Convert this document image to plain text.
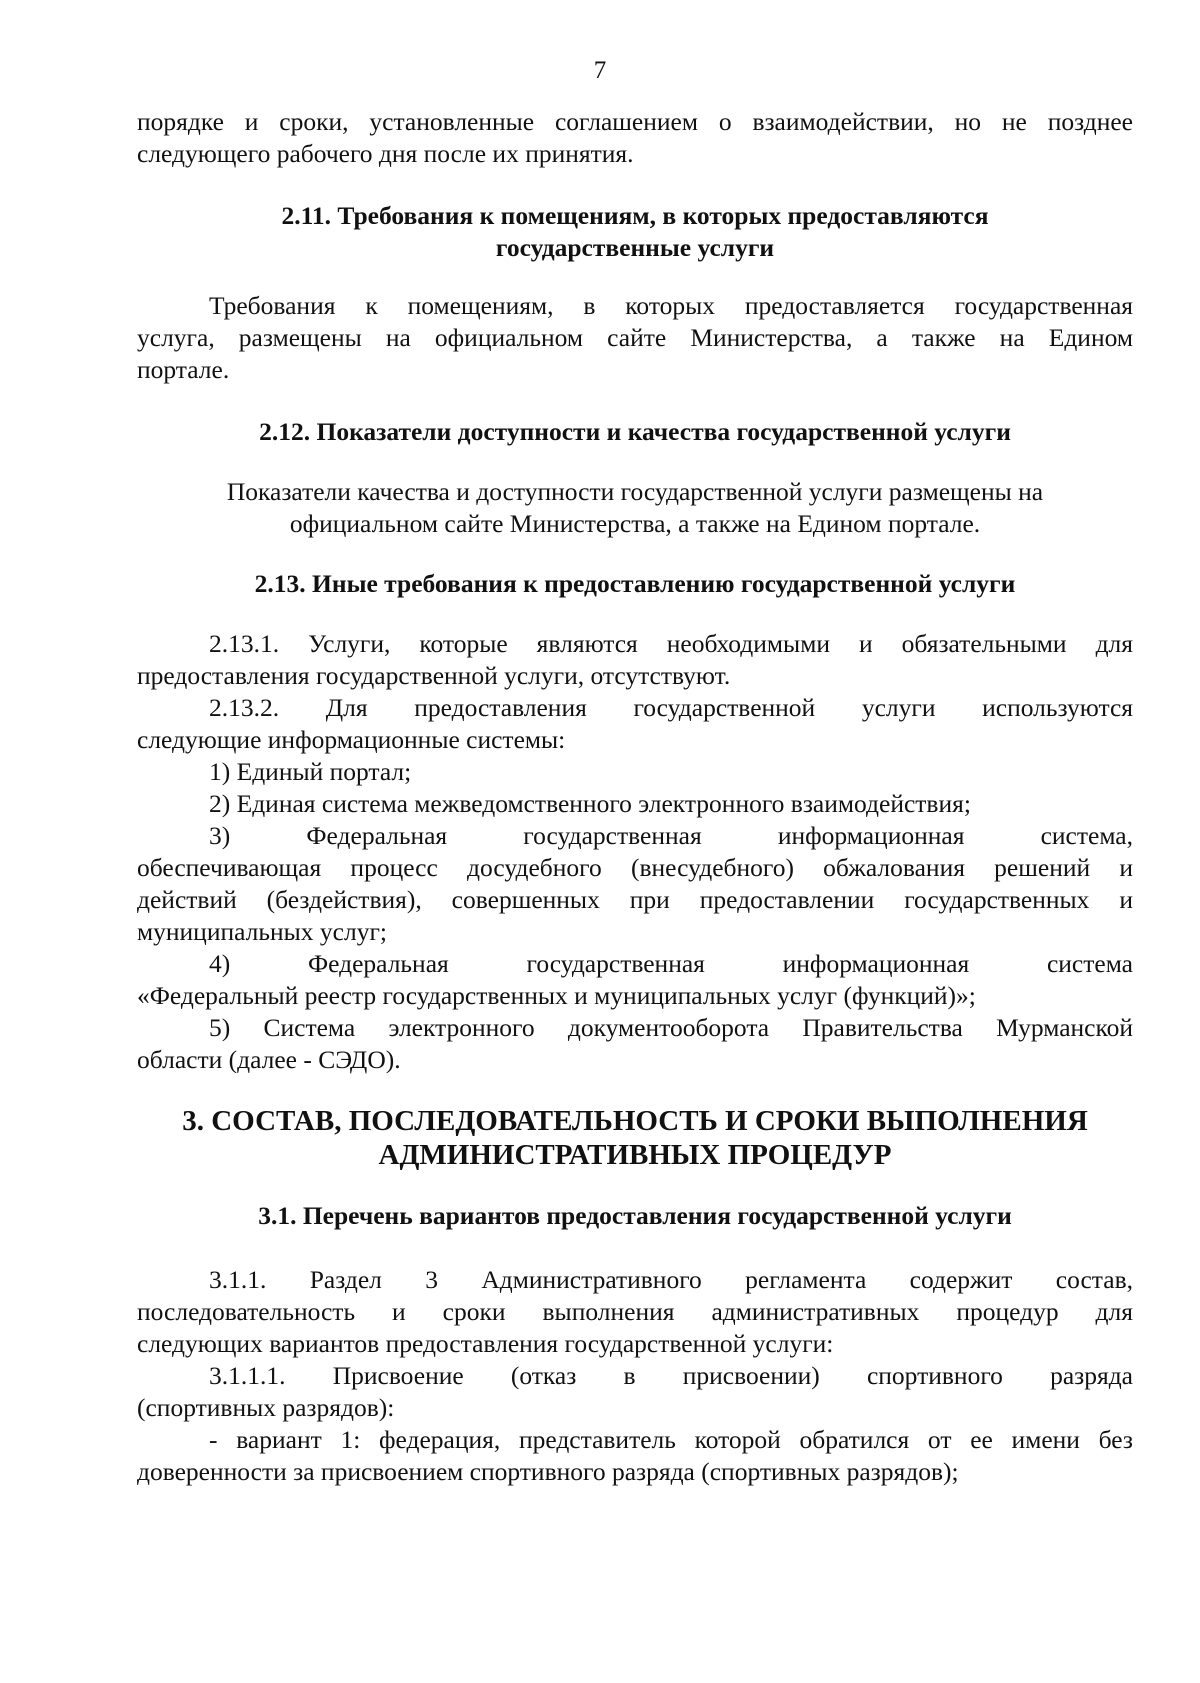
7
порядке и сроки, установленные соглашением о взаимодействии, но не позднее
следующего рабочего дня после их принятия.
2.11. Требования к помещениям, в которых предоставляются
государственные услуги
Требования к помещениям, в которых предоставляется государственная
услуга, размещены на официальном сайте Министерства, а также на Едином
портале.
2.12. Показатели доступности и качества государственной услуги
Показатели качества и доступности государственной услуги размещены на
официальном сайте Министерства, а также на Едином портале.
2.13. Иные требования к предоставлению государственной услуги
2.13.1. Услуги, которые являются необходимыми и обязательными для
предоставления государственной услуги, отсутствуют.
2.13.2. Для предоставления государственной услуги используются
следующие информационные системы:
1) Единый портал;
2) Единая система межведомственного электронного взаимодействия;
3) Федеральная государственная информационная система,
обеспечивающая процесс досудебного (внесудебного) обжалования решений и
действий (бездействия), совершенных при предоставлении государственных и
муниципальных услуг;
4) Федеральная государственная информационная система
«Федеральный реестр государственных и муниципальных услуг (функций)»;
5) Система электронного документооборота Правительства Мурманской
области (далее - СЭДО).
3. СОСТАВ, ПОСЛЕДОВАТЕЛЬНОСТЬ И СРОКИ ВЫПОЛНЕНИЯ
АДМИНИСТРАТИВНЫХ ПРОЦЕДУР
3.1. Перечень вариантов предоставления государственной услуги
3.1.1. Раздел 3 Административного регламента содержит состав,
последовательность и сроки выполнения административных процедур для
следующих вариантов предоставления государственной услуги:
3.1.1.1. Присвоение (отказ в присвоении) спортивного разряда
(спортивных разрядов):
- вариант 1: федерация, представитель которой обратился от ее имени без
доверенности за присвоением спортивного разряда (спортивных разрядов);
